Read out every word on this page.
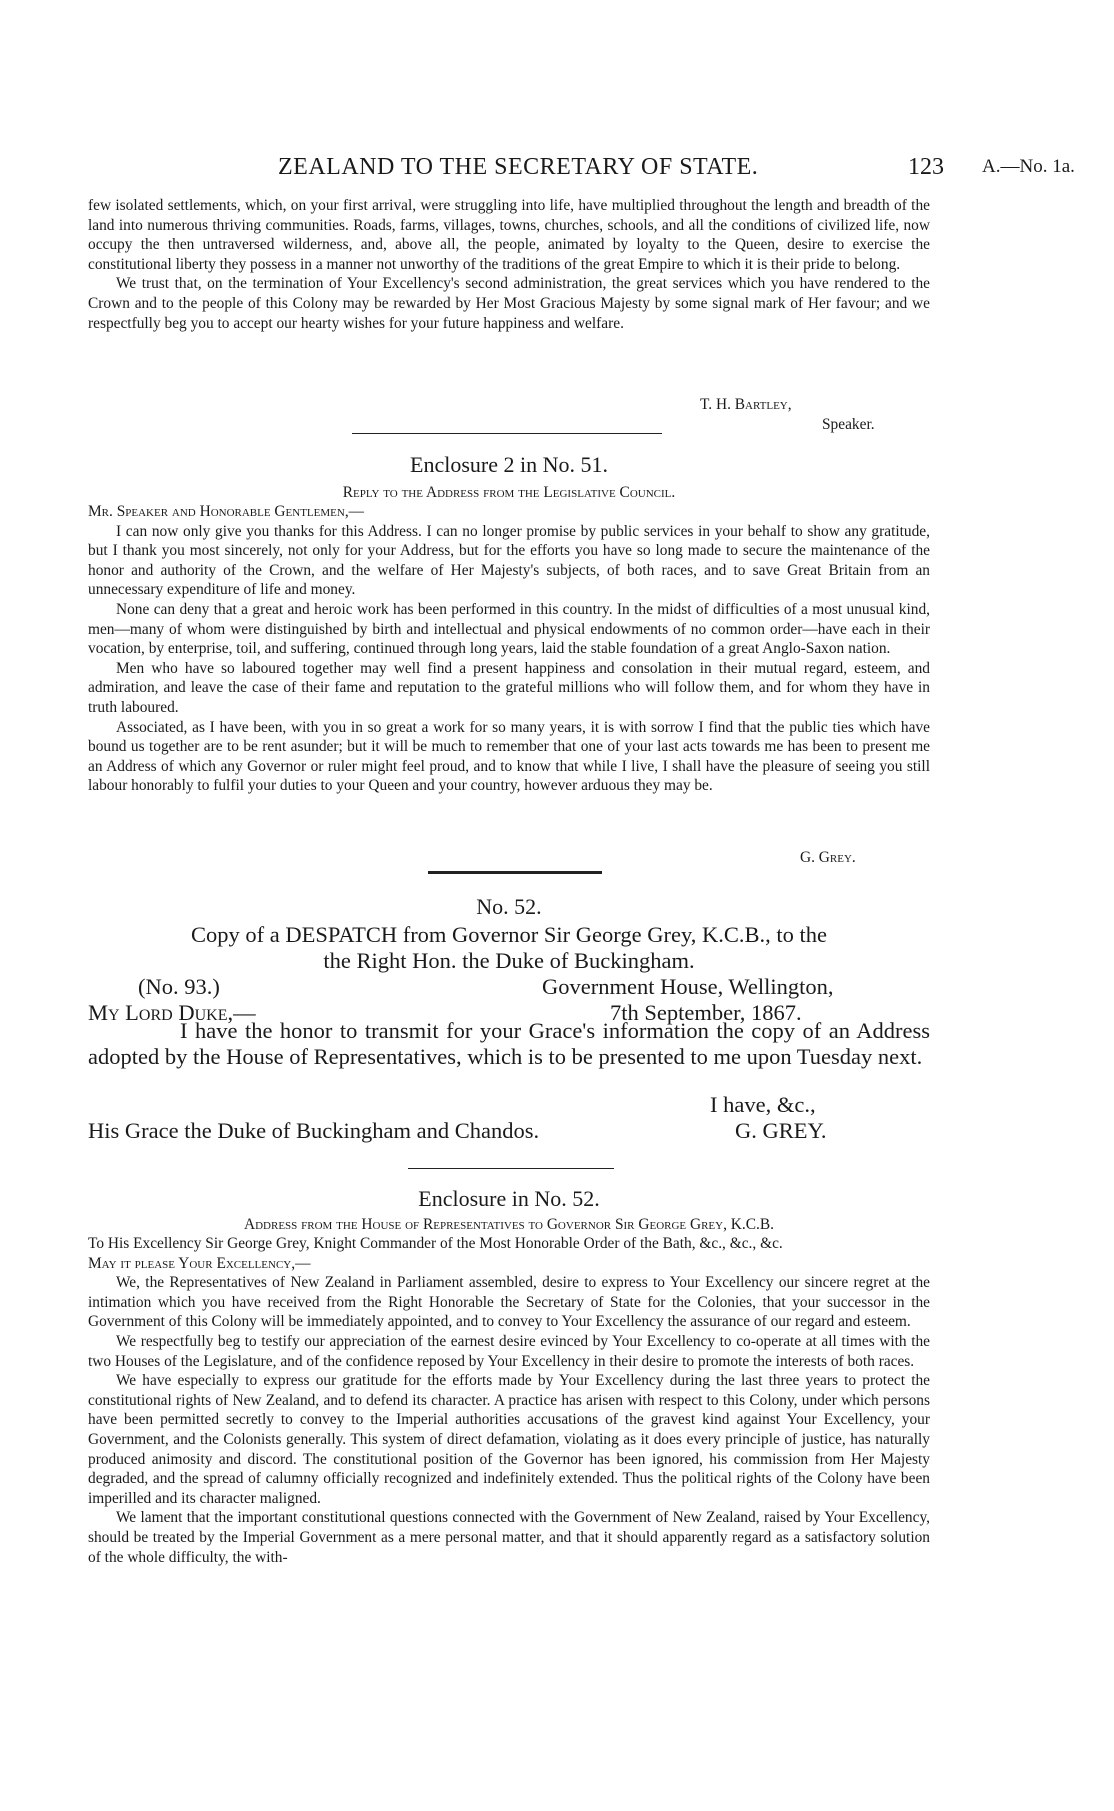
ZEALAND TO THE SECRETARY OF STATE.	123 A.—No. 1a.

few isolated settlements, which, on your first arrival, were struggling into life, have multiplied throughout the length and breadth of the land into numerous thriving communities. Roads, farms, villages, towns, churches, schools, and all the conditions of civilized life, now occupy the then untraversed wilderness, and, above all, the people, animated by loyalty to the Queen, desire to exercise the constitutional liberty they possess in a manner not unworthy of the traditions of the great Empire to which it is their pride to belong.

We trust that, on the termination of Your Excellency's second administration, the great services which you have rendered to the Crown and to the people of this Colony may be rewarded by Her Most Gracious Majesty by some signal mark of Her favour; and we respectfully beg you to accept our hearty wishes for your future happiness and welfare.

T. H. Bartley,
Speaker.
Enclosure 2 in No. 51.
Reply to the Address from the Legislative Council.

Mr. Speaker and Honorable Gentlemen,—

I can now only give you thanks for this Address. I can no longer promise by public services in your behalf to show any gratitude, but I thank you most sincerely, not only for your Address, but for the efforts you have so long made to secure the maintenance of the honor and authority of the Crown, and the welfare of Her Majesty's subjects, of both races, and to save Great Britain from an unnecessary expenditure of life and money.

None can deny that a great and heroic work has been performed in this country. In the midst of difficulties of a most unusual kind, men—many of whom were distinguished by birth and intellectual and physical endowments of no common order—have each in their vocation, by enterprise, toil, and suffering, continued through long years, laid the stable foundation of a great Anglo-Saxon nation.

Men who have so laboured together may well find a present happiness and consolation in their mutual regard, esteem, and admiration, and leave the case of their fame and reputation to the grateful millions who will follow them, and for whom they have in truth laboured.

Associated, as I have been, with you in so great a work for so many years, it is with sorrow I find that the public ties which have bound us together are to be rent asunder; but it will be much to remember that one of your last acts towards me has been to present me an Address of which any Governor or ruler might feel proud, and to know that while I live, I shall have the pleasure of seeing you still labour honorably to fulfil your duties to your Queen and your country, however arduous they may be.

G. Grey.
No. 52.
Copy of a DESPATCH from Governor Sir George Grey, K.C.B., to the
the Right Hon. the Duke of Buckingham.
(No. 93.)	Government House, Wellington,
My Lord Duke,—	7th September, 1867.

I have the honor to transmit for your Grace's information the copy of an Address adopted by the House of Representatives, which is to be presented to me upon Tuesday next.

I have, &c.,
His Grace the Duke of Buckingham and Chandos.	G. GREY.
Enclosure in No. 52.
Address from the House of Representatives to Governor Sir George Grey, K.C.B.

To His Excellency Sir George Grey, Knight Commander of the Most Honorable Order of the Bath, &c., &c., &c.

May it please Your Excellency,—

We, the Representatives of New Zealand in Parliament assembled, desire to express to Your Excellency our sincere regret at the intimation which you have received from the Right Honorable the Secretary of State for the Colonies, that your successor in the Government of this Colony will be immediately appointed, and to convey to Your Excellency the assurance of our regard and esteem.

We respectfully beg to testify our appreciation of the earnest desire evinced by Your Excellency to co-operate at all times with the two Houses of the Legislature, and of the confidence reposed by Your Excellency in their desire to promote the interests of both races.

We have especially to express our gratitude for the efforts made by Your Excellency during the last three years to protect the constitutional rights of New Zealand, and to defend its character. A practice has arisen with respect to this Colony, under which persons have been permitted secretly to convey to the Imperial authorities accusations of the gravest kind against Your Excellency, your Government, and the Colonists generally. This system of direct defamation, violating as it does every principle of justice, has naturally produced animosity and discord. The constitutional position of the Governor has been ignored, his commission from Her Majesty degraded, and the spread of calumny officially recognized and indefinitely extended. Thus the political rights of the Colony have been imperilled and its character maligned.

We lament that the important constitutional questions connected with the Government of New Zealand, raised by Your Excellency, should be treated by the Imperial Government as a mere personal matter, and that it should apparently regard as a satisfactory solution of the whole difficulty, the with-
